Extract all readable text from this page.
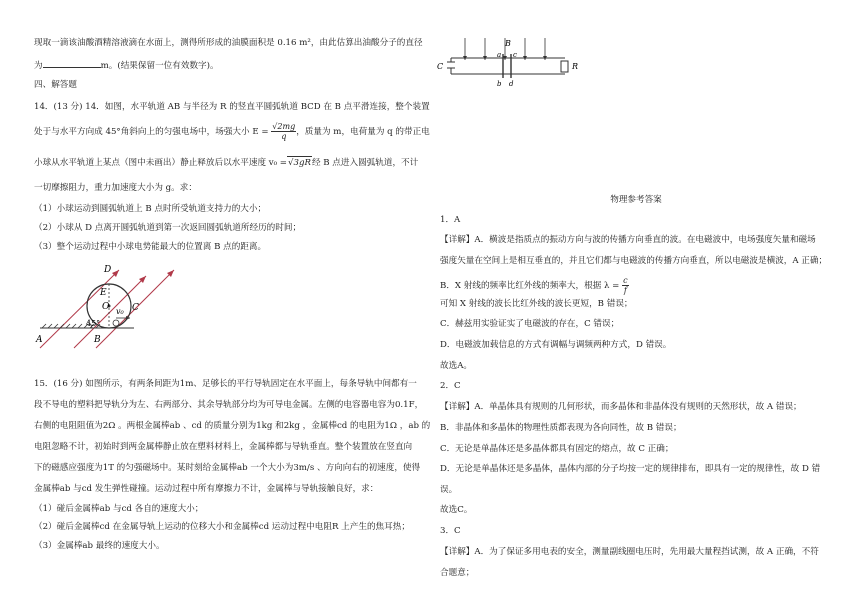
现取一滴该油酸酒精溶液滴在水面上，测得所形成的油膜面积是 0.16 m²，由此估算出油酸分子的直径
为	m。(结果保留一位有效数字)。
四、解答题
14．(13 分) 14．如图，水平轨道 AB 与半径为 R 的竖直平圆弧轨道 BCD 在 B 点平滑连接，整个装置
处于与水平方向成 45°角斜向上的匀强电场中，场强大小 $E = \frac{√2mg}{q}$ ，质量为 m，电荷量为 q 的带正电
小球从水平轨道上某点（图中未画出）静止释放后以水平速度 v₀ =√3gR经 B 点进入圆弧轨道，不计
一切摩擦阻力，重力加速度大小为 g。求：
（1）小球运动到圆弧轨道上 B 点时所受轨道支持力的大小；
（2）小球从 D 点离开圆弧轨道到第一次返回圆弧轨道所经历的时间；
（3）整个运动过程中小球电势能最大的位置离 B 点的距离。
D
E
O	C
v₀
45°
A	B
15．(16 分) 如图所示，有两条间距为1m、足够长的平行导轨固定在水平面上，每条导轨中间都有一
段不导电的塑料把导轨分为左、右两部分、其余导轨部分均为可导电金属。左侧的电容器电容为0.1F，
右侧的电阻阻值为2Ω 。两根金属棒ab 、cd 的质量分别为1kg 和2kg ，金属棒cd 的电阻为1Ω ，ab 的
电阻忽略不计，初始时到两金属棒静止放在塑料材料上，金属棒都与导轨垂直。整个装置放在竖直向
下的磁感应强度为1T 的匀强磁场中。某时刻给金属棒ab 一个大小为3m/s 、方向向右的初速度，使得
金属棒ab 与cd 发生弹性碰撞。运动过程中所有摩擦力不计，金属棒与导轨接触良好，求：
（1）碰后金属棒ab 与cd 各自的速度大小；
（2）碰后金属棒cd 在金属导轨上运动的位移大小和金属棒cd 运动过程中电阻R 上产生的焦耳热；
（3）金属棒ab 最终的速度大小。
C
B
a c
b d
R
物理参考答案
1．A
【详解】A．横波是指质点的振动方向与波的传播方向垂直的波。在电磁波中，电场强度矢量和磁场
强度矢量在空间上是相互垂直的，并且它们都与电磁波的传播方向垂直，所以电磁波是横波，A 正确；
B．X 射线的频率比红外线的频率大，根据 $\lambda = \frac{c}{f}$
可知 X 射线的波长比红外线的波长更短，B 错误；
C．赫兹用实验证实了电磁波的存在，C 错误；
D．电磁波加载信息的方式有调幅与调频两种方式，D 错误。
故选A。
2．C
【详解】A．单晶体具有规则的几何形状，而多晶体和非晶体没有规则的天然形状，故 A 错误；
B．非晶体和多晶体的物理性质都表现为各向同性，故 B 错误；
C．无论是单晶体还是多晶体都具有固定的熔点，故 C 正确；
D．无论是单晶体还是多晶体，晶体内部的分子均按一定的规律排布，即具有一定的规律性，故 D 错
误。
故选C。
3．C
【详解】A．为了保证多用电表的安全，测量副线圈电压时，先用最大量程挡试测，故 A 正确，不符
合题意；
